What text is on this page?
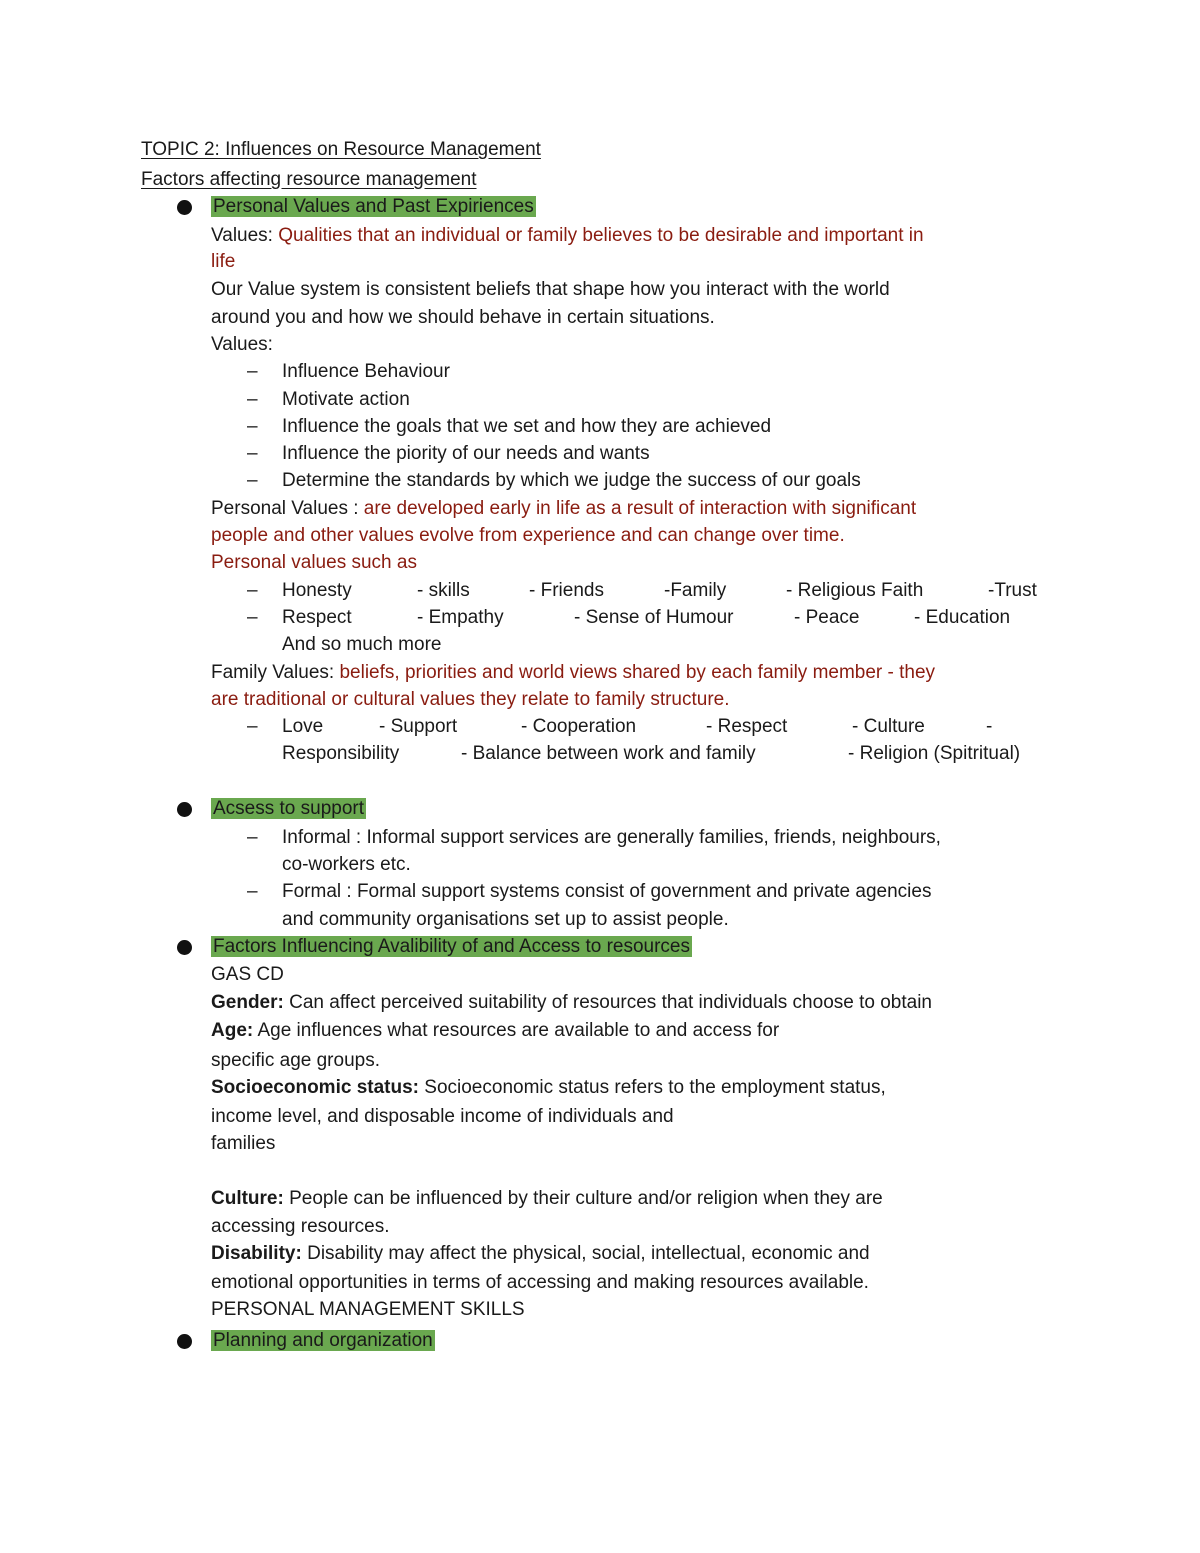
TOPIC 2: Influences on Resource Management
Factors affecting resource management
Personal Values and Past Expiriences
Values: Qualities that an individual or family believes to be desirable and important in
life
Our Value system is consistent beliefs that shape how you interact with the world
around you and how we should behave in certain situations.
Values:
– Influence Behaviour
– Motivate action
– Influence the goals that we set and how they are achieved
– Influence the piority of our needs and wants
– Determine the standards by which we judge the success of our goals
Personal Values : are developed early in life as a result of interaction with significant
people and other values evolve from experience and can change over time.
Personal values such as
– Honesty	- skills	- Friends	-Family	- Religious Faith	-Trust
– Respect	- Empathy	- Sense of Humour	- Peace	- Education
And so much more
Family Values: beliefs, priorities and world views shared by each family member - they
are traditional or cultural values they relate to family structure.
– Love	- Support	- Cooperation	- Respect	- Culture	-
Responsibility	- Balance between work and family	- Religion (Spitritual)
Acsess to support
– Informal : Informal support services are generally families, friends, neighbours,
co-workers etc.
– Formal : Formal support systems consist of government and private agencies
and community organisations set up to assist people.
Factors Influencing Avalibility of and Access to resources
GAS CD
Gender: Can affect perceived suitability of resources that individuals choose to obtain
Age: Age influences what resources are available to and access for
specific age groups.
Socioeconomic status: Socioeconomic status refers to the employment status,
income level, and disposable income of individuals and
families
Culture: People can be influenced by their culture and/or religion when they are
accessing resources.
Disability: Disability may affect the physical, social, intellectual, economic and
emotional opportunities in terms of accessing and making resources available.
PERSONAL MANAGEMENT SKILLS
Planning and organization
